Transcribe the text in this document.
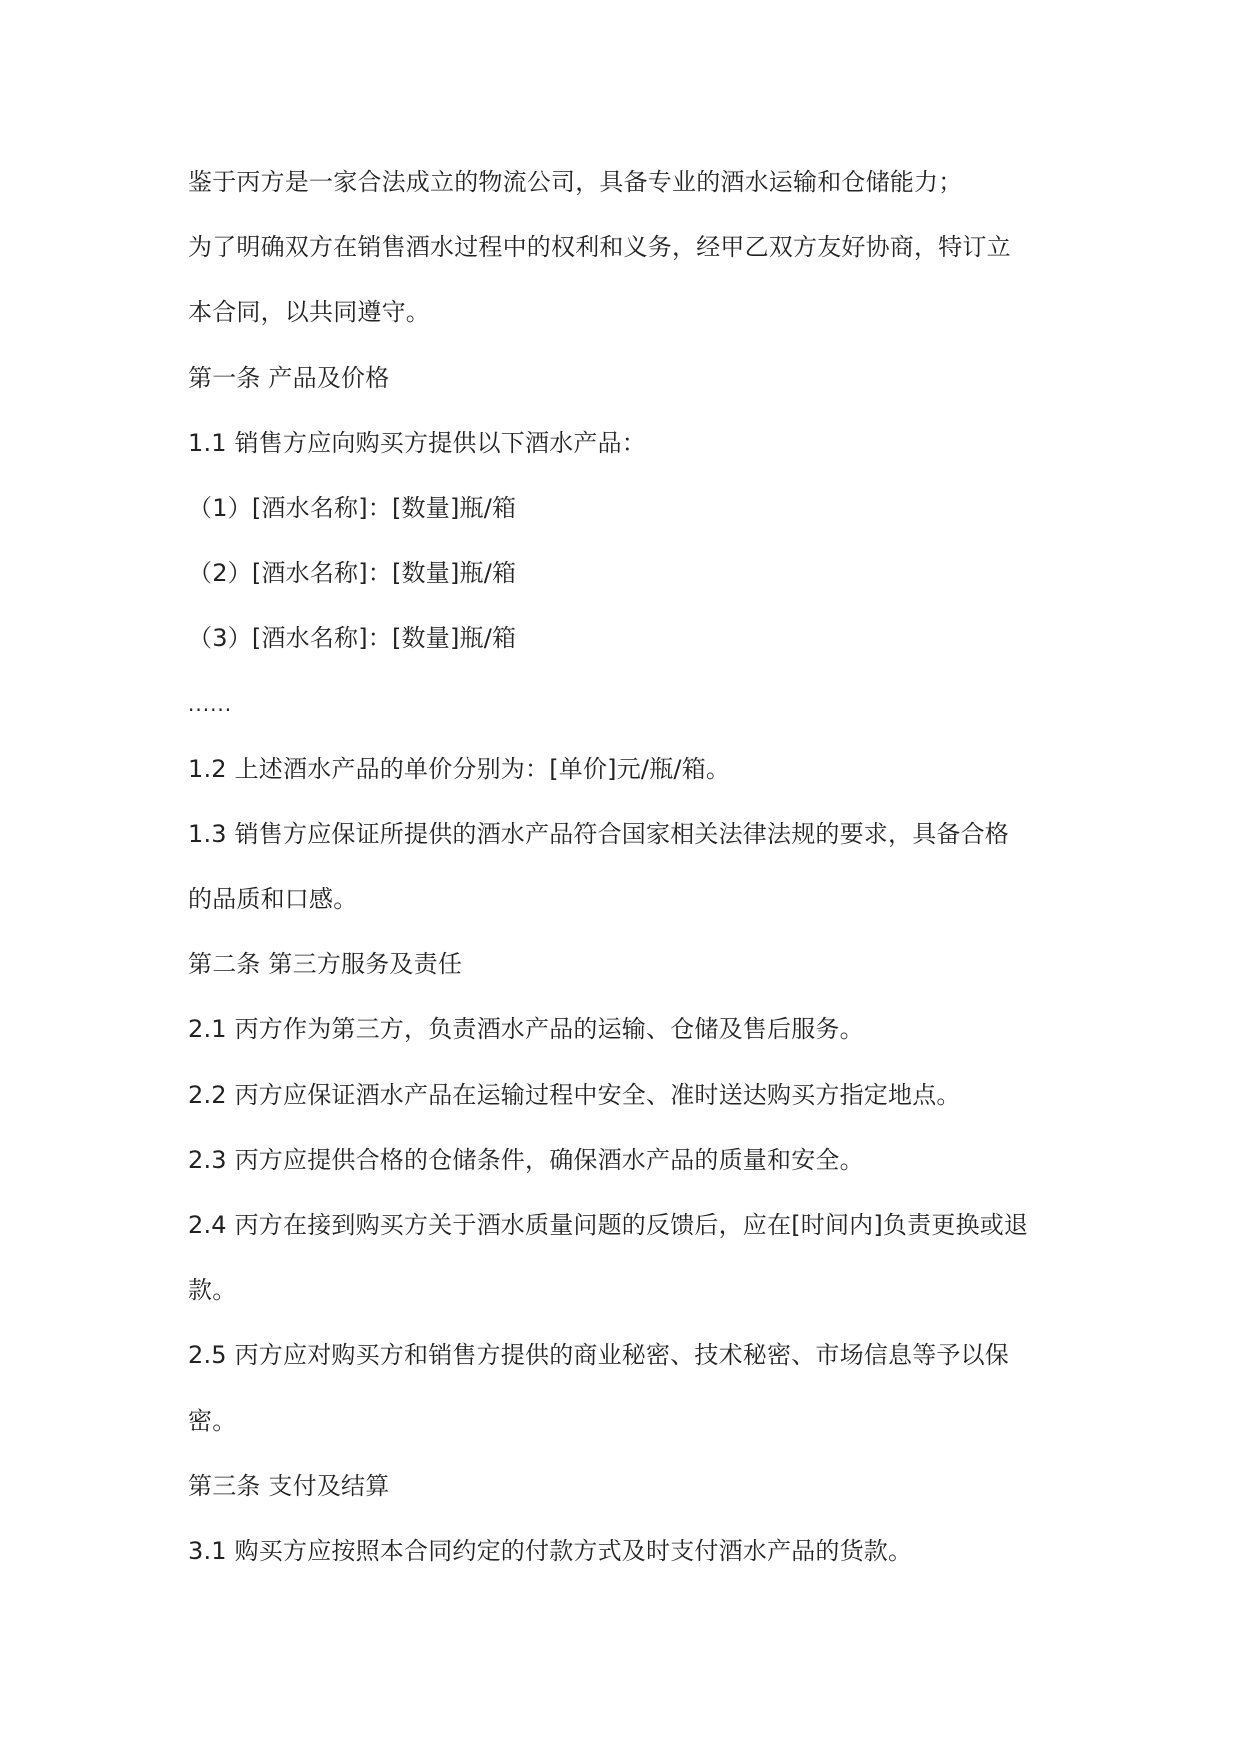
鉴于丙方是一家合法成立的物流公司，具备专业的酒水运输和仓储能力；
为了明确双方在销售酒水过程中的权利和义务，经甲乙双方友好协商，特订立
本合同，以共同遵守。
第一条 产品及价格
1.1 销售方应向购买方提供以下酒水产品：
（1）[酒水名称]：[数量]瓶/箱
（2）[酒水名称]：[数量]瓶/箱
（3）[酒水名称]：[数量]瓶/箱
......
1.2 上述酒水产品的单价分别为：[单价]元/瓶/箱。
1.3 销售方应保证所提供的酒水产品符合国家相关法律法规的要求，具备合格
的品质和口感。
第二条 第三方服务及责任
2.1 丙方作为第三方，负责酒水产品的运输、仓储及售后服务。
2.2 丙方应保证酒水产品在运输过程中安全、准时送达购买方指定地点。
2.3 丙方应提供合格的仓储条件，确保酒水产品的质量和安全。
2.4 丙方在接到购买方关于酒水质量问题的反馈后，应在[时间内]负责更换或退
款。
2.5 丙方应对购买方和销售方提供的商业秘密、技术秘密、市场信息等予以保
密。
第三条 支付及结算
3.1 购买方应按照本合同约定的付款方式及时支付酒水产品的货款。
